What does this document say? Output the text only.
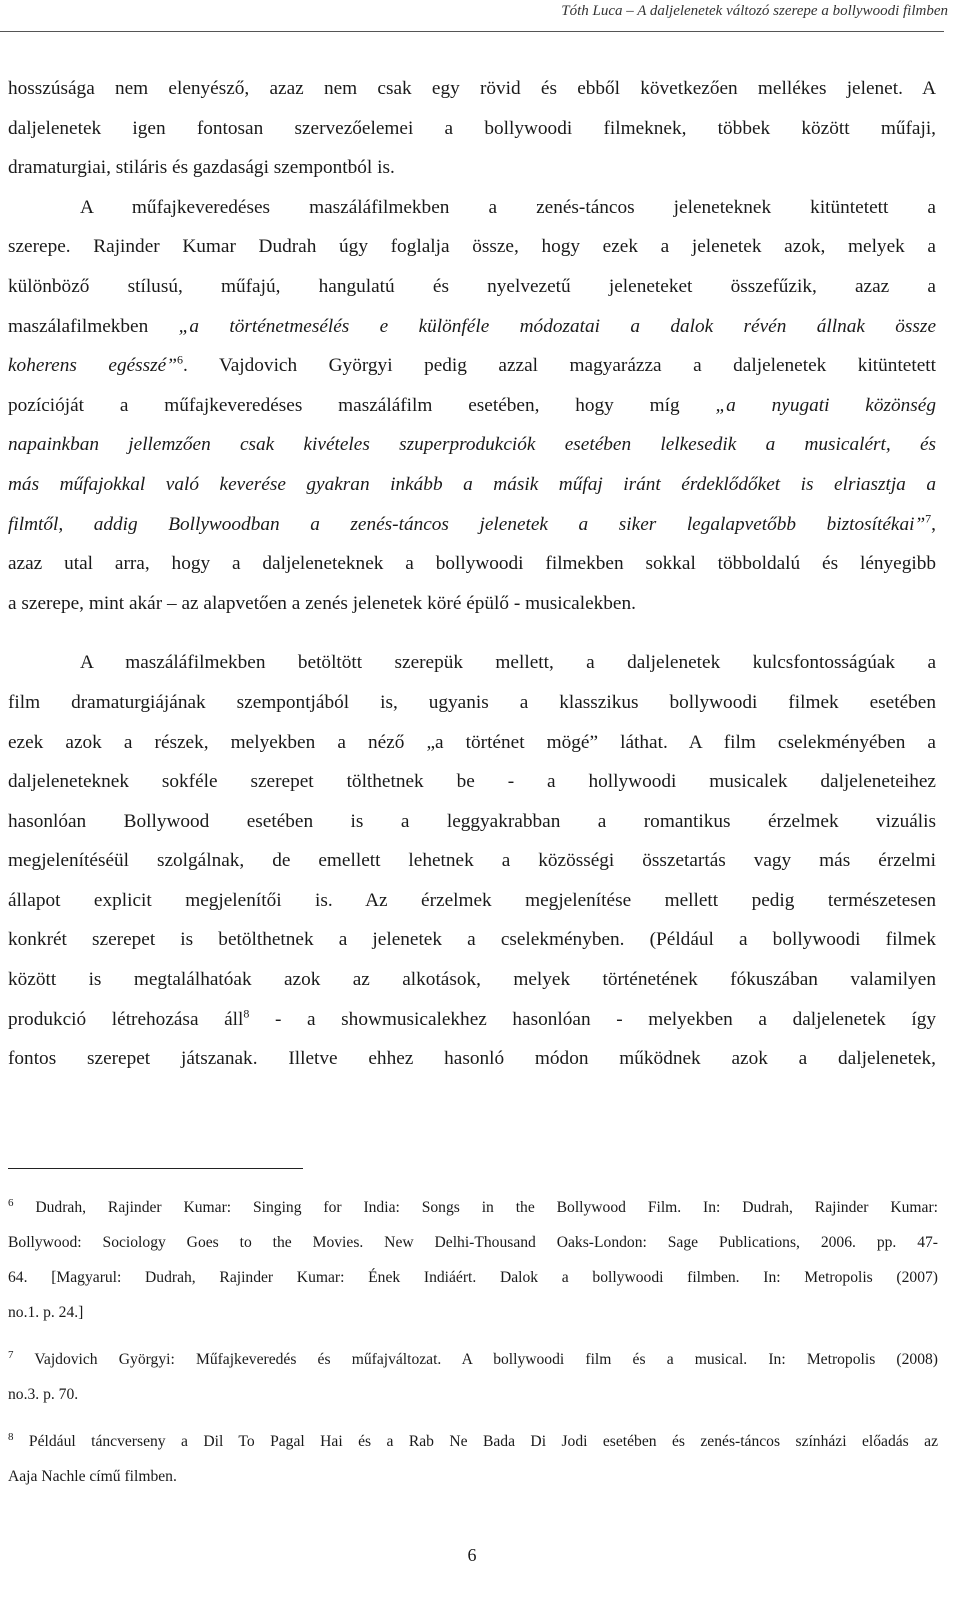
Tóth Luca – A daljelenetek változó szerepe a bollywoodi filmben
hosszúsága nem elenyésző, azaz nem csak egy rövid és ebből következően mellékes jelenet. A
daljelenetek igen fontosan szervezőelemei a bollywoodi filmeknek, többek között műfaji,
dramaturgiai, stiláris és gazdasági szempontból is.
A műfajkeveredéses maszáláfilmekben a zenés-táncos jeleneteknek kitüntetett a
szerepe. Rajinder Kumar Dudrah úgy foglalja össze, hogy ezek a jelenetek azok, melyek a
különböző stílusú, műfajú, hangulatú és nyelvezetű jeleneteket összefűzik, azaz a
maszálafilmekben „a történetmesélés e különféle módozatai a dalok révén állnak össze
koherens egésszé”$^6$. Vajdovich Györgyi pedig azzal magyarázza a daljelenetek kitüntetett
pozícióját a műfajkeveredéses maszáláfilm esetében, hogy míg „a nyugati közönség
napainkban jellemzően csak kivételes szuperprodukciók esetében lelkesedik a musicalért, és
más műfajokkal való keverése gyakran inkább a másik műfaj iránt érdeklődőket is elriasztja a
filmtől, addig Bollywoodban a zenés-táncos jelenetek a siker legalapvetőbb biztosítékai”$^7$,
azaz utal arra, hogy a daljeleneteknek a bollywoodi filmekben sokkal többoldalú és lényegibb
a szerepe, mint akár – az alapvetően a zenés jelenetek köré épülő - musicalekben.
A maszáláfilmekben betöltött szerepük mellett, a daljelenetek kulcsfontosságúak a
film dramaturgiájának szempontjából is, ugyanis a klasszikus bollywoodi filmek esetében
ezek azok a részek, melyekben a néző „a történet mögé” láthat. A film cselekményében a
daljeleneteknek sokféle szerepet tölthetnek be - a hollywoodi musicalek daljeleneteihez
hasonlóan Bollywood esetében is a leggyakrabban a romantikus érzelmek vizuális
megjelenítéséül szolgálnak, de emellett lehetnek a közösségi összetartás vagy más érzelmi
állapot explicit megjelenítői is. Az érzelmek megjelenítése mellett pedig természetesen
konkrét szerepet is betölthetnek a jelenetek a cselekményben. (Például a bollywoodi filmek
között is megtalálhatóak azok az alkotások, melyek történetének fókuszában valamilyen
produkció létrehozása áll$^8$ - a showmusicalekhez hasonlóan - melyekben a daljelenetek így
fontos szerepet játszanak. Illetve ehhez hasonló módon működnek azok a daljelenetek,
$^6$ Dudrah, Rajinder Kumar: Singing for India: Songs in the Bollywood Film. In: Dudrah, Rajinder Kumar:
Bollywood: Sociology Goes to the Movies. New Delhi-Thousand Oaks-London: Sage Publications, 2006. pp. 47-
64. [Magyarul: Dudrah, Rajinder Kumar: Ének Indiáért. Dalok a bollywoodi filmben. In: Metropolis (2007)
no.1. p. 24.]
$^7$ Vajdovich Györgyi: Műfajkeveredés és műfajváltozat. A bollywoodi film és a musical. In: Metropolis (2008)
no.3. p. 70.
$^8$ Például táncverseny a Dil To Pagal Hai és a Rab Ne Bada Di Jodi esetében és zenés-táncos színházi előadás az
Aaja Nachle című filmben.
6
